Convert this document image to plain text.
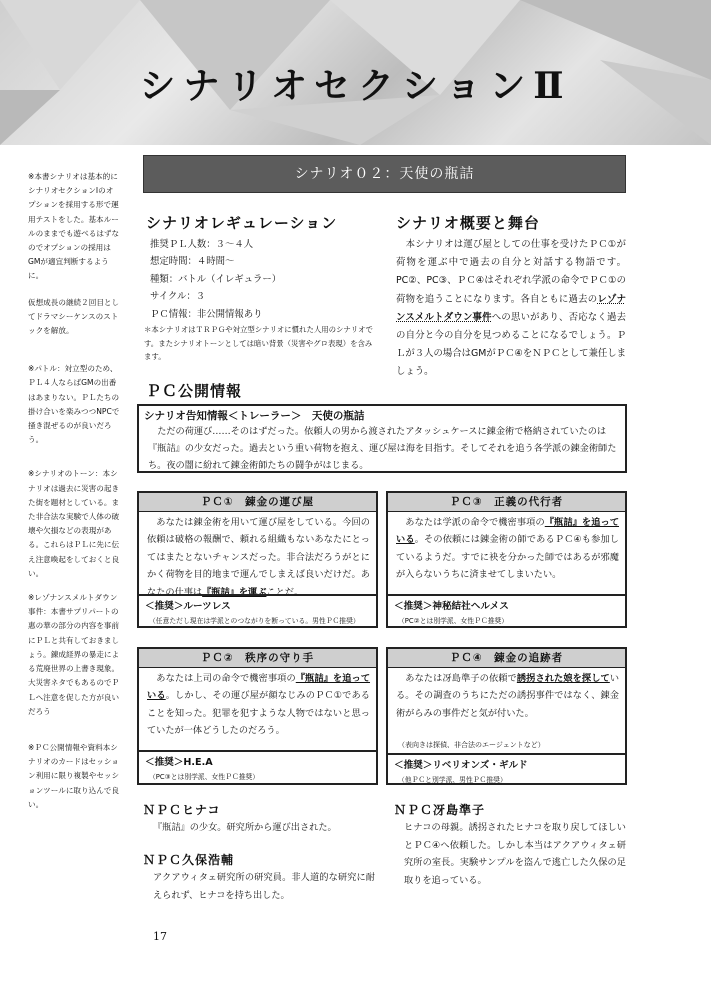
シナリオセクションⅡ

※本書シナリオは基本的にシナリオセクションⅠのオプションを採用する形で運用テストをした。基本ルールのままでも遊べるはずなのでオプションの採用はGMが適宜判断するように。

仮想成長の継続２回目としてドラマシーケンスのストックを解放。

※パトル：対立型のため、ＰＬ４人ならばGMの出番はあまりない。ＰＬたちの掛け合いを楽みつつNPCで掻き混ぜるのが良いだろう。

※シナリオのトーン：本シナリオは過去に災害の起きた街を題材としている。また非合法な実験で人体の破壊や欠損などの表現がある。これらはＰＬに先に伝え注意喚起をしておくと良い。

※レゾナンスメルトダウン事件：本書サプリパートの惠の華の部分の内容を事前にＰＬと共有しておきましょう。錬成経界の暴走による荒廃世界の上書き現象。大災害ネタでもあるのでＰＬへ注意を促した方が良いだろう

※ＰＣ公開情報や資料本シナリオのカードはセッション利用に限り複製やセッションツールに取り込んで良い。

シナリオ０２：天使の瓶詰
シナリオレギュレーション
推奨ＰＬ人数：３～４人
想定時間：４時間～
種類：バトル（イレギュラー）
サイクル：３
ＰＣ情報：非公開情報あり
＊本シナリオはＴＲＰＧや対立型シナリオに慣れた人用のシナリオです。またシナリオトーンとしては暗い背景（災害やグロ表現）を含みます。
シナリオ概要と舞台
　本シナリオは運び屋としての仕事を受けたＰＣ①が荷物を運ぶ中で過去の自分と対話する物語です。PC②、PC③、ＰＣ④はそれぞれ学派の命令でＰＣ①の荷物を追うことになります。各自ともに過去のレゾナンスメルトダウン事件への思いがあり、否応なく過去の自分と今の自分を見つめることになるでしょう。ＰＬが３人の場合はGMがＰＣ④をＮＰＣとして兼任しましょう。
ＰＣ公開情報
シナリオ告知情報＜トレーラー＞　天使の瓶詰
　ただの荷運び……そのはずだった。依頼人の男から渡されたアタッシュケースに錬金術で格納されていたのは『瓶詰』の少女だった。過去という重い荷物を抱え、運び屋は海を目指す。そしてそれを追う各学派の錬金術師たち。夜の闇に紛れて錬金術師たちの闘争がはじまる。
ＰＣ①　錬金の運び屋
　あなたは錬金術を用いて運び屋をしている。今回の依頼は破格の報酬で、頼れる組織もないあなたにとってはまたとないチャンスだった。非合法だろうがとにかく荷物を目的地まで運んでしまえば良いだけだ。あなたの仕事は『瓶詰』を運ぶことだ。
＜推奨＞ルーツレス
（任意ただし現在は学派とのつながりを断っている。男性ＰＣ推奨）
ＰＣ③　正義の代行者
　あなたは学派の命令で機密事項の『瓶詰』を追っている。その依頼には錬金術の師であるＰＣ④も参加しているようだ。すでに袂を分かった師ではあるが邪魔が入らないうちに済ませてしまいたい。
＜推奨＞神秘結社ヘルメス
（PC②とは別学派、女性ＰＣ推奨）
ＰＣ②　秩序の守り手
　あなたは上司の命令で機密事項の『瓶詰』を追っている。しかし、その運び屋が顔なじみのＰＣ①であることを知った。犯罪を犯すような人物ではないと思っていたが一体どうしたのだろう。
＜推奨＞H.E.A
（PC③とは別学派、女性ＰＣ推奨）
ＰＣ④　錬金の追跡者
　あなたは冴島準子の依頼で誘拐された娘を探している。その調査のうちにただの誘拐事件ではなく、錬金術がらみの事件だと気が付いた。
（表向きは探偵、非合法のエージェントなど）
＜推奨＞リベリオンズ・ギルド
（他ＰＣと別学派、男性ＰＣ推奨）
ＮＰＣヒナコ
『瓶詰』の少女。研究所から運び出された。
ＮＰＣ久保浩輔
アクアウィタェ研究所の研究員。非人道的な研究に耐えられず、ヒナコを持ち出した。
ＮＰＣ冴島準子
ヒナコの母親。誘拐されたヒナコを取り戻してほしいとＰＣ④へ依頼した。しかし本当はアクアウィタェ研究所の室長。実験サンプルを盗んで逃亡した久保の足取りを追っている。
17
